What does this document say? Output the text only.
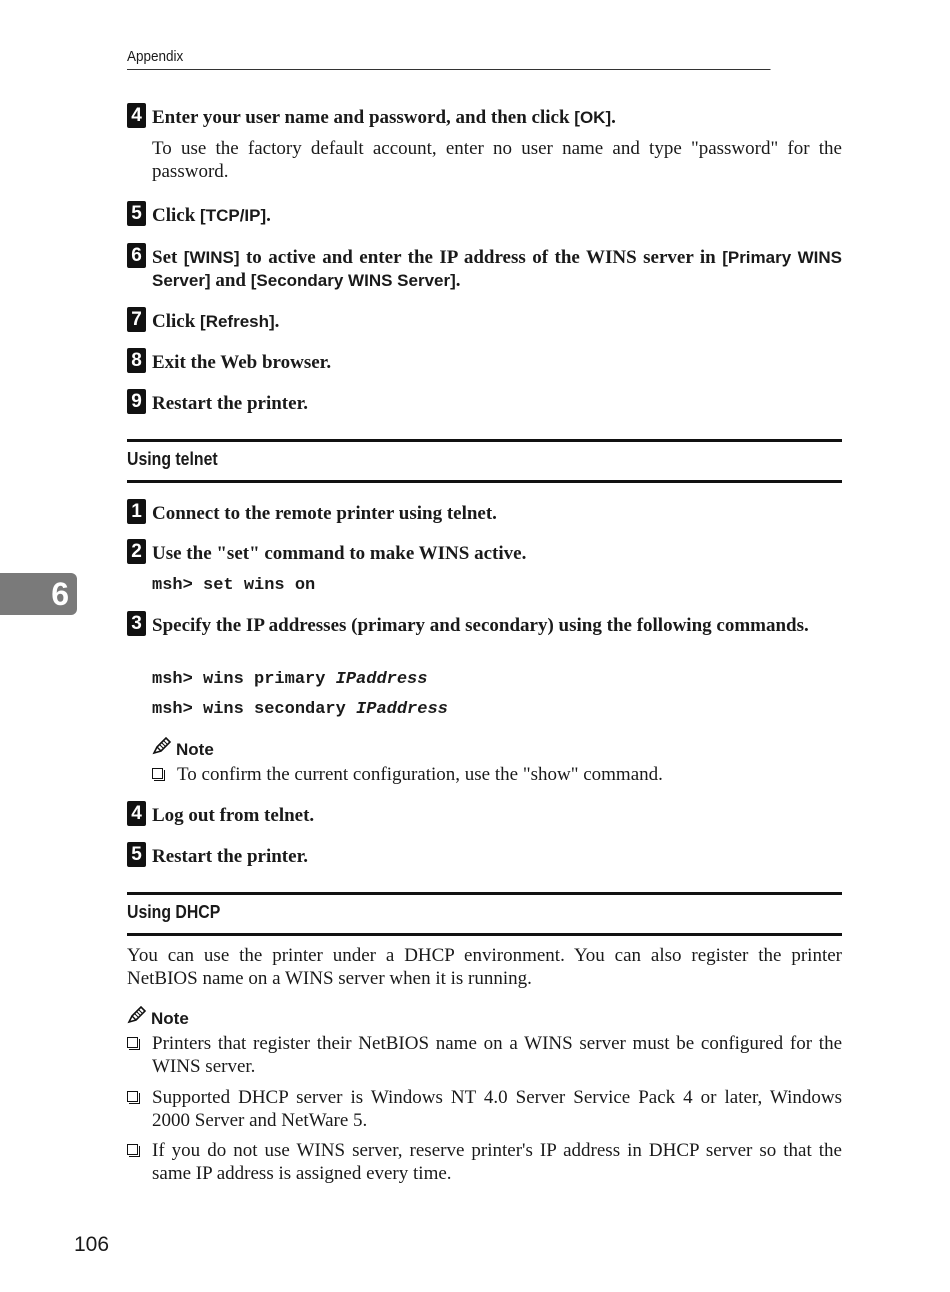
Appendix
4 Enter your user name and password, and then click [OK].
To use the factory default account, enter no user name and type "password" for the password.
5 Click [TCP/IP].
6 Set [WINS] to active and enter the IP address of the WINS server in [Primary WINS Server] and [Secondary WINS Server].
7 Click [Refresh].
8 Exit the Web browser.
9 Restart the printer.
Using telnet
1 Connect to the remote printer using telnet.
2 Use the "set" command to make WINS active.
msh> set wins on
3 Specify the IP addresses (primary and secondary) using the following commands.
msh> wins primary IPaddress
msh> wins secondary IPaddress
Note
To confirm the current configuration, use the "show" command.
4 Log out from telnet.
5 Restart the printer.
Using DHCP
You can use the printer under a DHCP environment. You can also register the printer NetBIOS name on a WINS server when it is running.
Note
Printers that register their NetBIOS name on a WINS server must be configured for the WINS server.
Supported DHCP server is Windows NT 4.0 Server Service Pack 4 or later, Windows 2000 Server and NetWare 5.
If you do not use WINS server, reserve printer's IP address in DHCP server so that the same IP address is assigned every time.
6
106
